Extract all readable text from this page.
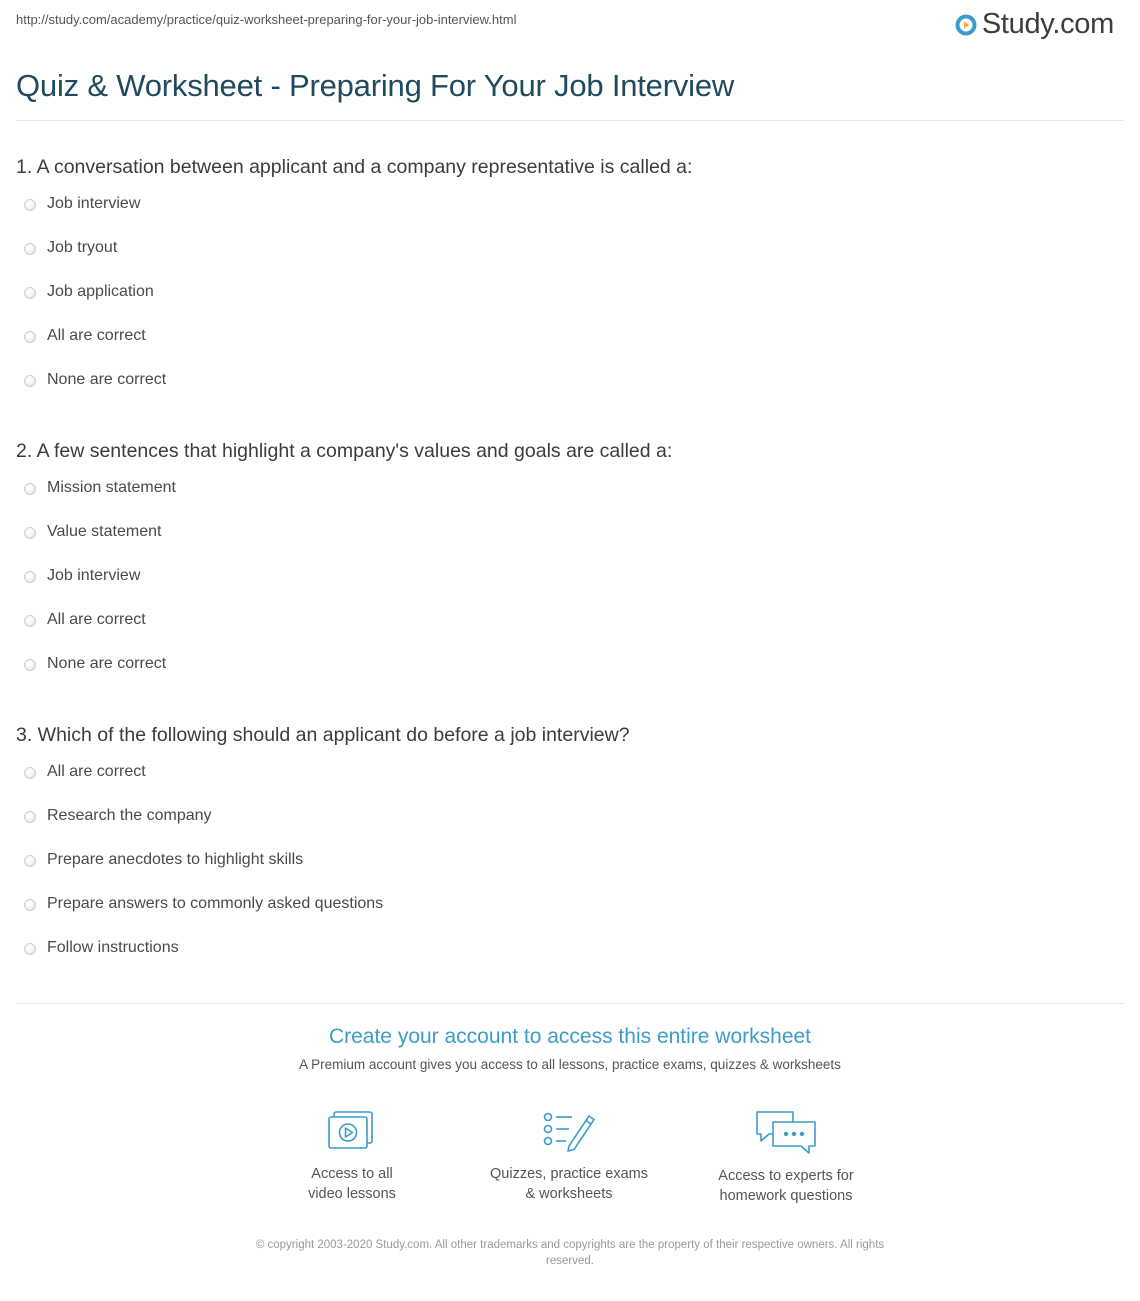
http://study.com/academy/practice/quiz-worksheet-preparing-for-your-job-interview.html	Study.com
Quiz & Worksheet - Preparing For Your Job Interview
1. A conversation between applicant and a company representative is called a:
Job interview
Job tryout
Job application
All are correct
None are correct
2. A few sentences that highlight a company's values and goals are called a:
Mission statement
Value statement
Job interview
All are correct
None are correct
3. Which of the following should an applicant do before a job interview?
All are correct
Research the company
Prepare anecdotes to highlight skills
Prepare answers to commonly asked questions
Follow instructions
Create your account to access this entire worksheet
A Premium account gives you access to all lessons, practice exams, quizzes & worksheets
Access to all
video lessons
Quizzes, practice exams
& worksheets
Access to experts for
homework questions
© copyright 2003-2020 Study.com. All other trademarks and copyrights are the property of their respective owners. All rights
reserved.
